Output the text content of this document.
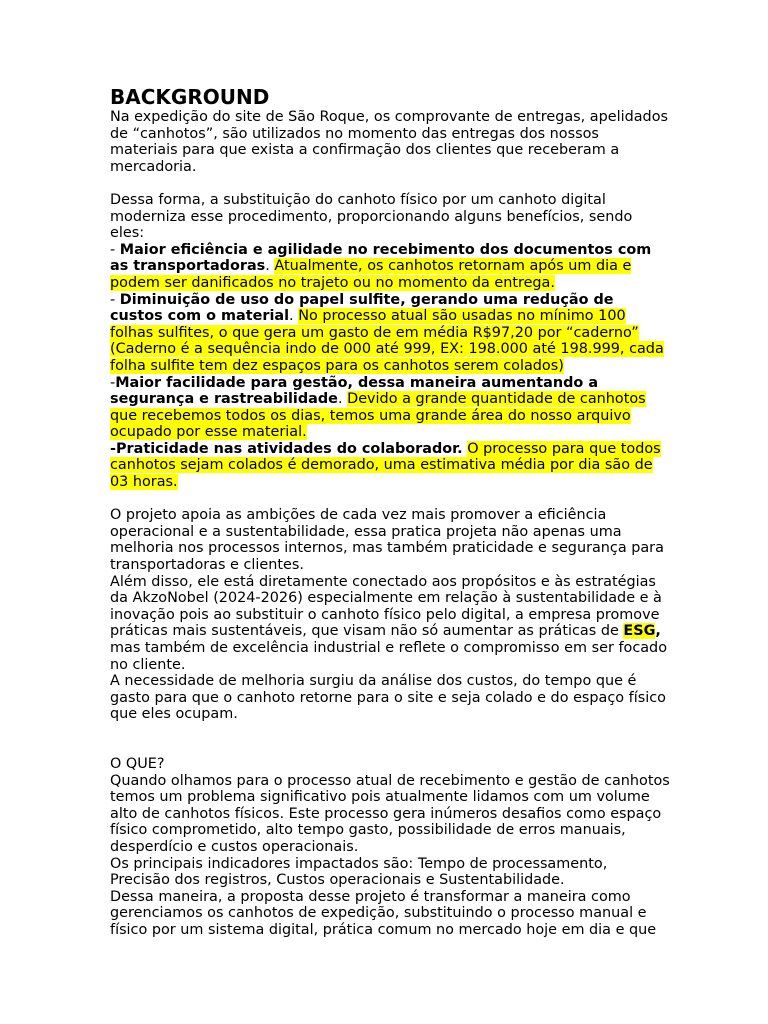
BACKGROUND

Na expedição do site de São Roque, os comprovante de entregas, apelidados de “canhotos”, são utilizados no momento das entregas dos nossos materiais para que exista a confirmação dos clientes que receberam a mercadoria.

Dessa forma, a substituição do canhoto físico por um canhoto digital moderniza esse procedimento, proporcionando alguns benefícios, sendo eles:

- Maior eficiência e agilidade no recebimento dos documentos com as transportadoras. Atualmente, os canhotos retornam após um dia e podem ser danificados no trajeto ou no momento da entrega.

- Diminuição de uso do papel sulfite, gerando uma redução de custos com o material. No processo atual são usadas no mínimo 100 folhas sulfites, o que gera um gasto de em média R$97,20 por “caderno” (Caderno é a sequência indo de 000 até 999, EX: 198.000 até 198.999, cada folha sulfite tem dez espaços para os canhotos serem colados)

-Maior facilidade para gestão, dessa maneira aumentando a segurança e rastreabilidade. Devido a grande quantidade de canhotos que recebemos todos os dias, temos uma grande área do nosso arquivo ocupado por esse material.

-Praticidade nas atividades do colaborador. O processo para que todos canhotos sejam colados é demorado, uma estimativa média por dia são de 03 horas.

O projeto apoia as ambições de cada vez mais promover a eficiência operacional e a sustentabilidade, essa pratica projeta não apenas uma melhoria nos processos internos, mas também praticidade e segurança para transportadoras e clientes.

Além disso, ele está diretamente conectado aos propósitos e às estratégias da AkzoNobel (2024-2026) especialmente em relação à sustentabilidade e à inovação pois ao substituir o canhoto físico pelo digital, a empresa promove práticas mais sustentáveis, que visam não só aumentar as práticas de ESG, mas também de excelência industrial e reflete o compromisso em ser focado no cliente.

A necessidade de melhoria surgiu da análise dos custos, do tempo que é gasto para que o canhoto retorne para o site e seja colado e do espaço físico que eles ocupam.

O QUE?

Quando olhamos para o processo atual de recebimento e gestão de canhotos temos um problema significativo pois atualmente lidamos com um volume alto de canhotos físicos. Este processo gera inúmeros desafios como espaço físico comprometido, alto tempo gasto, possibilidade de erros manuais, desperdício e custos operacionais.

Os principais indicadores impactados são: Tempo de processamento, Precisão dos registros, Custos operacionais e Sustentabilidade.

Dessa maneira, a proposta desse projeto é transformar a maneira como gerenciamos os canhotos de expedição, substituindo o processo manual e físico por um sistema digital, prática comum no mercado hoje em dia e que
